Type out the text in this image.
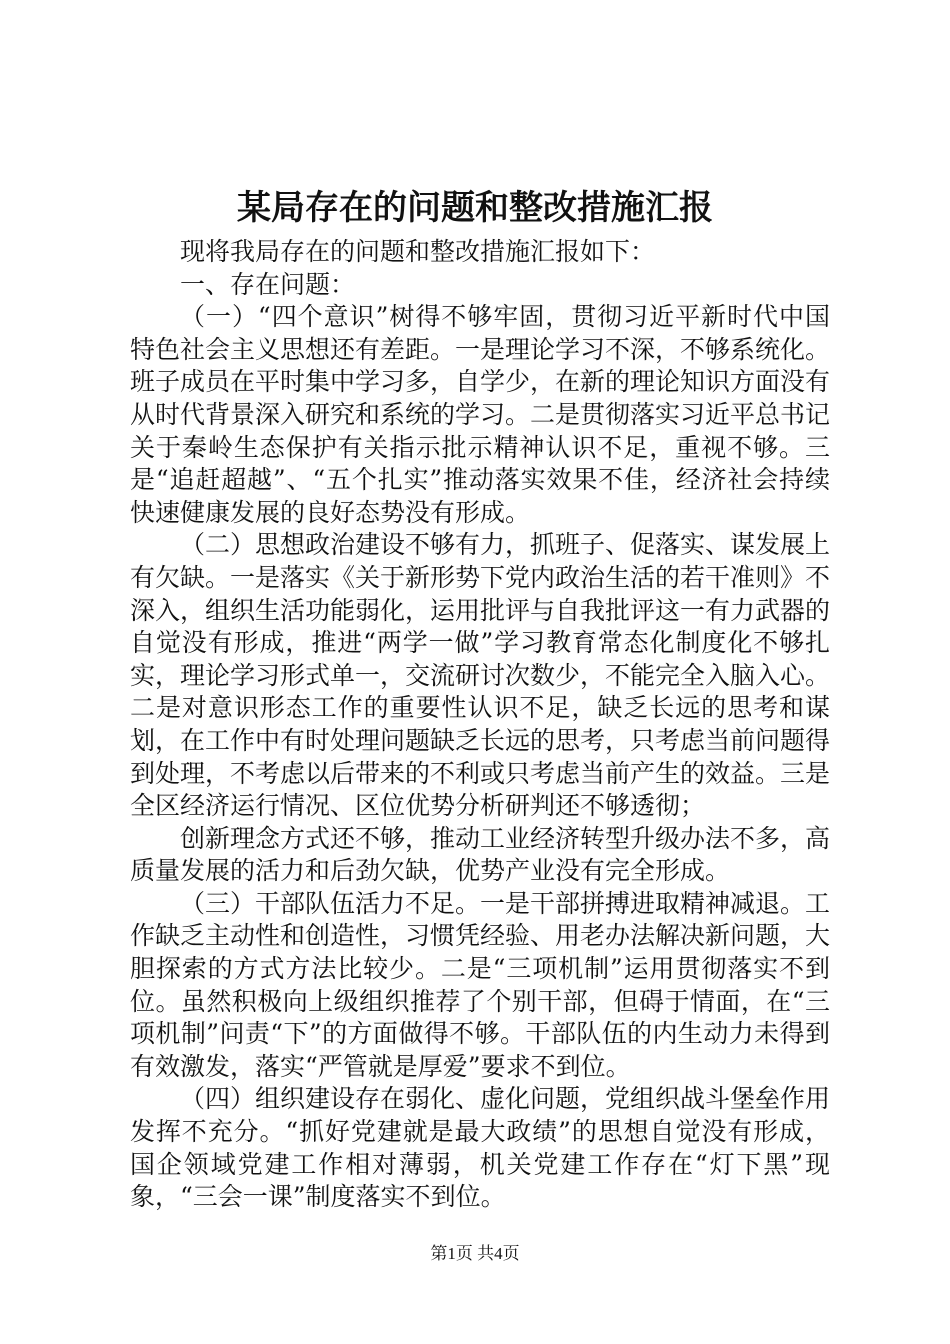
某局存在的问题和整改措施汇报

现将我局存在的问题和整改措施汇报如下：

一、存在问题：

（一）“四个意识”树得不够牢固，贯彻习近平新时代中国特色社会主义思想还有差距。一是理论学习不深，不够系统化。班子成员在平时集中学习多，自学少，在新的理论知识方面没有从时代背景深入研究和系统的学习。二是贯彻落实习近平总书记关于秦岭生态保护有关指示批示精神认识不足，重视不够。三是“追赶超越”、“五个扎实”推动落实效果不佳，经济社会持续快速健康发展的良好态势没有形成。

（二）思想政治建设不够有力，抓班子、促落实、谋发展上有欠缺。一是落实《关于新形势下党内政治生活的若干准则》不深入，组织生活功能弱化，运用批评与自我批评这一有力武器的自觉没有形成，推进“两学一做”学习教育常态化制度化不够扎实，理论学习形式单一，交流研讨次数少，不能完全入脑入心。二是对意识形态工作的重要性认识不足，缺乏长远的思考和谋划，在工作中有时处理问题缺乏长远的思考，只考虑当前问题得到处理，不考虑以后带来的不利或只考虑当前产生的效益。三是全区经济运行情况、区位优势分析研判还不够透彻；

创新理念方式还不够，推动工业经济转型升级办法不多，高质量发展的活力和后劲欠缺，优势产业没有完全形成。

（三）干部队伍活力不足。一是干部拼搏进取精神减退。工作缺乏主动性和创造性，习惯凭经验、用老办法解决新问题，大胆探索的方式方法比较少。二是“三项机制”运用贯彻落实不到位。虽然积极向上级组织推荐了个别干部，但碍于情面，在“三项机制”问责“下”的方面做得不够。干部队伍的内生动力未得到有效激发，落实“严管就是厚爱”要求不到位。

（四）组织建设存在弱化、虚化问题，党组织战斗堡垒作用发挥不充分。“抓好党建就是最大政绩”的思想自觉没有形成，国企领域党建工作相对薄弱，机关党建工作存在“灯下黑”现象，“三会一课”制度落实不到位。

第1页 共4页
